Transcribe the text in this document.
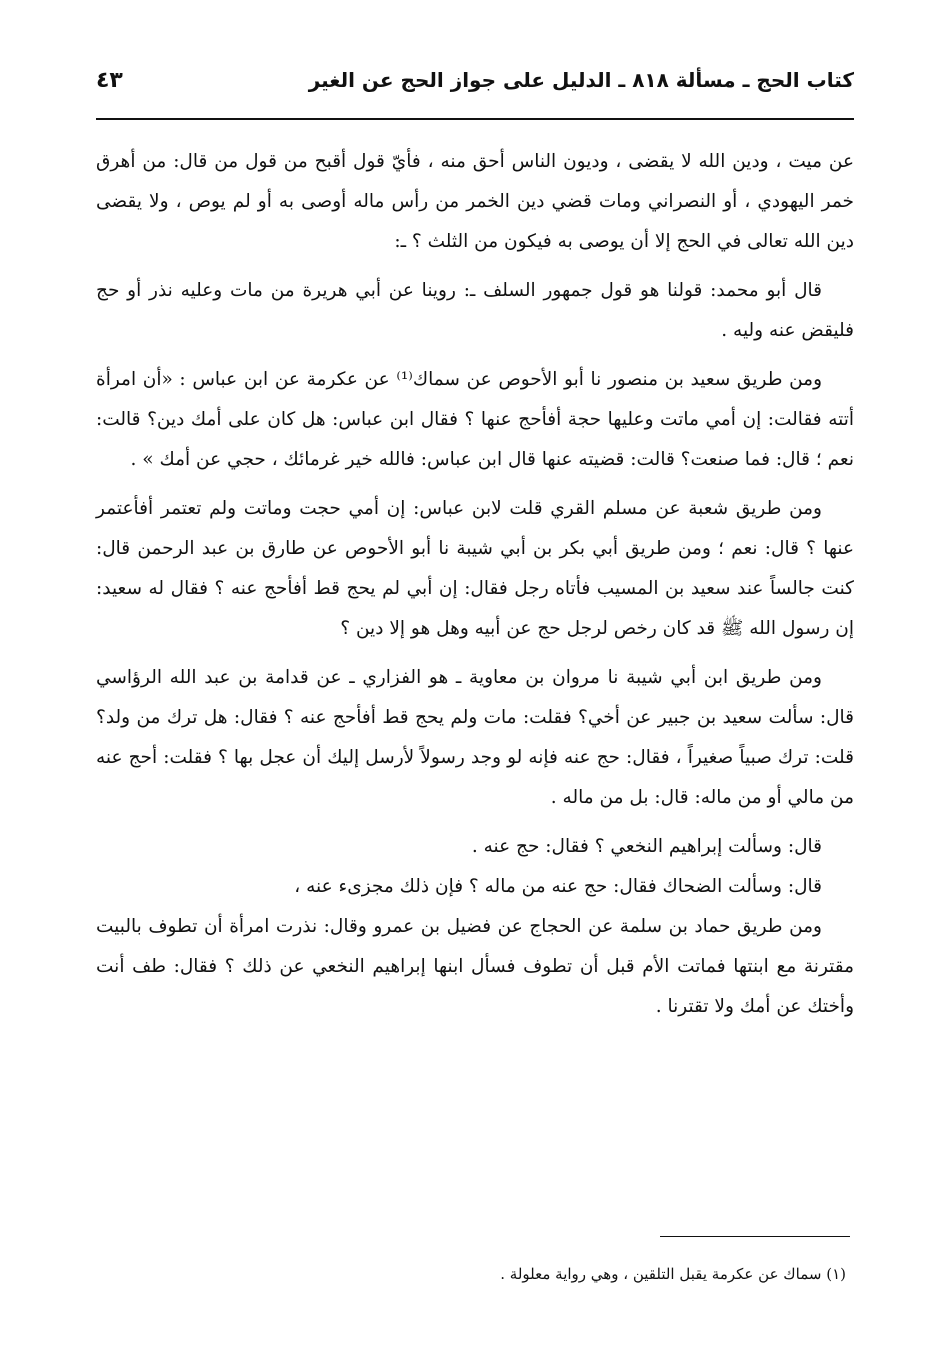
كتاب الحج ـ مسألة ٨١٨ ـ الدليل على جواز الحج عن الغير
٤٣

عن ميت ، ودين الله لا يقضى ، وديون الناس أحق منه ، فأيّ قول أقبح من قول من قال: من أهرق خمر اليهودي ، أو النصراني ومات قضي دين الخمر من رأس ماله أوصى به أو لم يوص ، ولا يقضى دين الله تعالى في الحج إلا أن يوصى به فيكون من الثلث ؟ ـ:

قال أبو محمد: قولنا هو قول جمهور السلف ـ: روينا عن أبي هريرة من مات وعليه نذر أو حج فليقض عنه وليه .

ومن طريق سعيد بن منصور نا أبو الأحوص عن سماك⁽¹⁾ عن عكرمة عن ابن عباس : «أن امرأة أتته فقالت: إن أمي ماتت وعليها حجة أفأحج عنها ؟ فقال ابن عباس: هل كان على أمك دين؟ قالت: نعم ؛ قال: فما صنعت؟ قالت: قضيته عنها قال ابن عباس: فالله خير غرمائك ، حجي عن أمك » .

ومن طريق شعبة عن مسلم القري قلت لابن عباس: إن أمي حجت وماتت ولم تعتمر أفأعتمر عنها ؟ قال: نعم ؛ ومن طريق أبي بكر بن أبي شيبة نا أبو الأحوص عن طارق بن عبد الرحمن قال: كنت جالساً عند سعيد بن المسيب فأتاه رجل فقال: إن أبي لم يحج قط أفأحج عنه ؟ فقال له سعيد: إن رسول الله ﷺ قد كان رخص لرجل حج عن أبيه وهل هو إلا دين ؟

ومن طريق ابن أبي شيبة نا مروان بن معاوية ـ هو الفزاري ـ عن قدامة بن عبد الله الرؤاسي قال: سألت سعيد بن جبير عن أخي؟ فقلت: مات ولم يحج قط أفأحج عنه ؟ فقال: هل ترك من ولد؟ قلت: ترك صبياً صغيراً ، فقال: حج عنه فإنه لو وجد رسولاً لأرسل إليك أن عجل بها ؟ فقلت: أحج عنه من مالي أو من ماله: قال: بل من ماله .

قال: وسألت إبراهيم النخعي ؟ فقال: حج عنه .

قال: وسألت الضحاك فقال: حج عنه من ماله ؟ فإن ذلك مجزىء عنه ،

ومن طريق حماد بن سلمة عن الحجاج عن فضيل بن عمرو وقال: نذرت امرأة أن تطوف بالبيت مقترنة مع ابنتها فماتت الأم قبل أن تطوف فسأل ابنها إبراهيم النخعي عن ذلك ؟ فقال: طف أنت وأختك عن أمك ولا تقترنا .

(١) سماك عن عكرمة يقبل التلقين ، وهي رواية معلولة .
